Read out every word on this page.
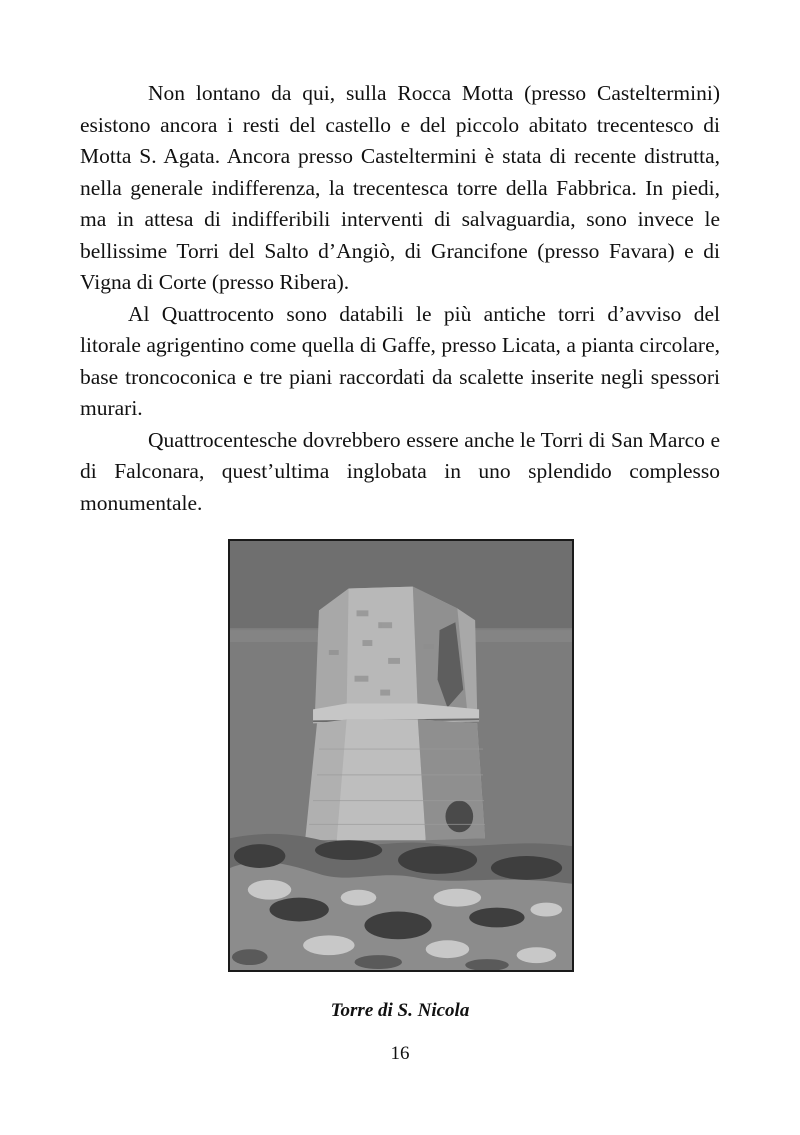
Non lontano da qui, sulla Rocca Motta (presso Casteltermini) esistono ancora i resti del castello e del piccolo abitato trecentesco di Motta S. Agata. Ancora presso Casteltermini è stata di recente distrutta, nella generale indifferenza, la trecentesca torre della Fabbrica. In piedi, ma in attesa di indifferibili interventi di salvaguardia, sono invece le bellissime Torri del Salto d’Angiò, di Grancifone (presso Favara) e di Vigna di Corte (presso Ribera).

Al Quattrocento sono databili le più antiche torri d’avviso del litorale agrigentino come quella di Gaffe, presso Licata, a pianta circolare, base troncoconica e tre piani raccordati da scalette inserite negli spessori murari.

Quattrocentesche dovrebbero essere anche le Torri di San Marco e di Falconara, quest’ultima inglobata in uno splendido complesso monumentale.

Torre di S. Nicola
16
